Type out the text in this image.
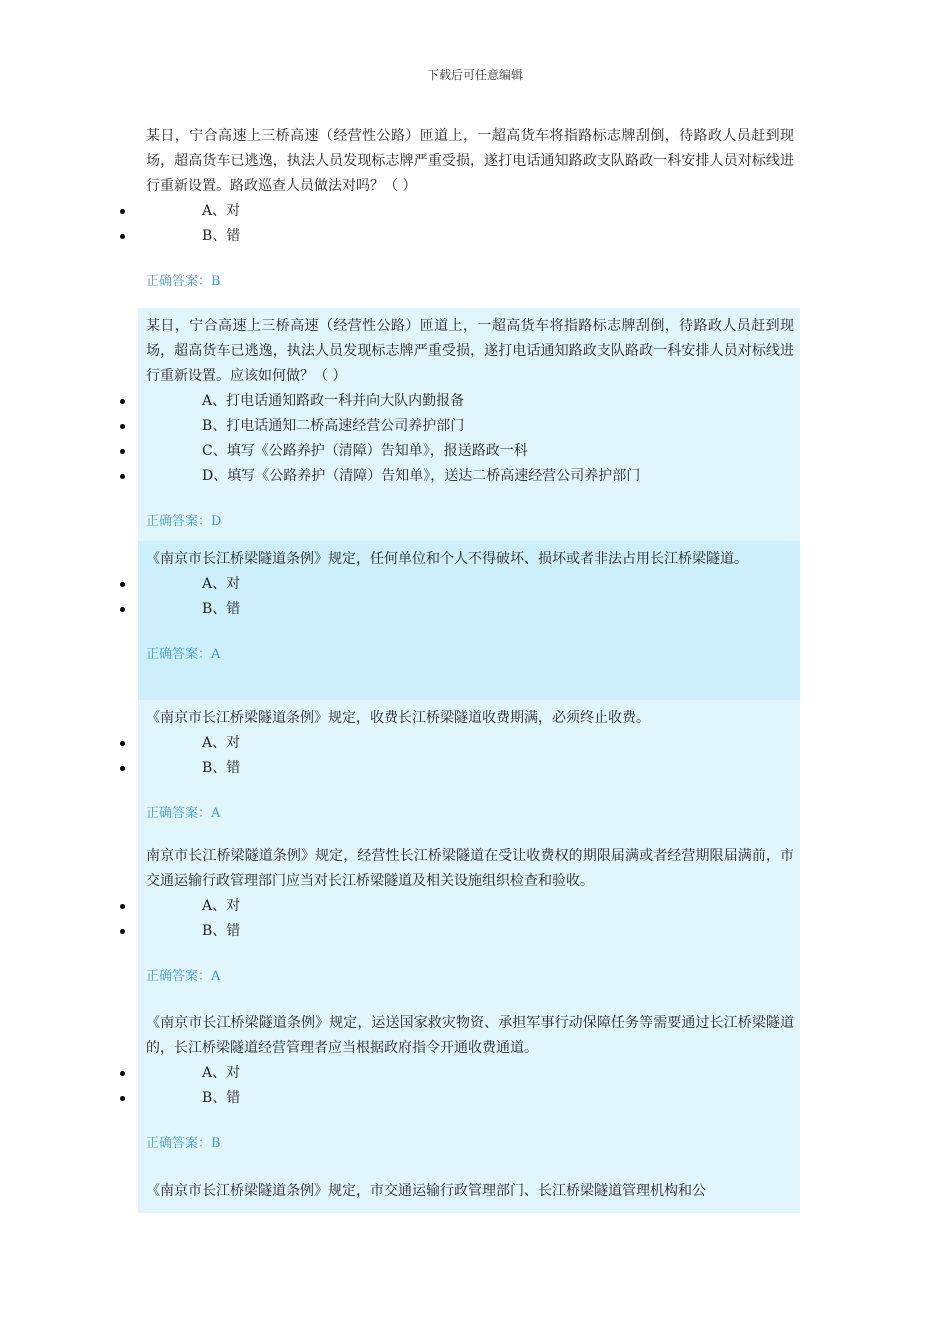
下载后可任意编辑

某日，宁合高速上三桥高速（经营性公路）匝道上，一超高货车将指路标志牌刮倒，待路政人员赶到现场，超高货车已逃逸，执法人员发现标志牌严重受损，遂打电话通知路政支队路政一科安排人员对标线进行重新设置。路政巡查人员做法对吗？（ ）

A、对
B、错
正确答案：B

某日，宁合高速上三桥高速（经营性公路）匝道上，一超高货车将指路标志牌刮倒，待路政人员赶到现场，超高货车已逃逸，执法人员发现标志牌严重受损，遂打电话通知路政支队路政一科安排人员对标线进行重新设置。应该如何做？（ ）

A、打电话通知路政一科并向大队内勤报备
B、打电话通知二桥高速经营公司养护部门
C、填写《公路养护（清障）告知单》，报送路政一科
D、填写《公路养护（清障）告知单》，送达二桥高速经营公司养护部门
正确答案：D

《南京市长江桥梁隧道条例》规定，任何单位和个人不得破坏、损坏或者非法占用长江桥梁隧道。

A、对
B、错
正确答案：A

《南京市长江桥梁隧道条例》规定，收费长江桥梁隧道收费期满，必须终止收费。

A、对
B、错
正确答案：A

南京市长江桥梁隧道条例》规定，经营性长江桥梁隧道在受让收费权的期限届满或者经营期限届满前，市交通运输行政管理部门应当对长江桥梁隧道及相关设施组织检查和验收。

A、对
B、错
正确答案：A

《南京市长江桥梁隧道条例》规定，运送国家救灾物资、承担军事行动保障任务等需要通过长江桥梁隧道的，长江桥梁隧道经营管理者应当根据政府指令开通收费通道。

A、对
B、错
正确答案：B

《南京市长江桥梁隧道条例》规定，市交通运输行政管理部门、长江桥梁隧道管理机构和公
